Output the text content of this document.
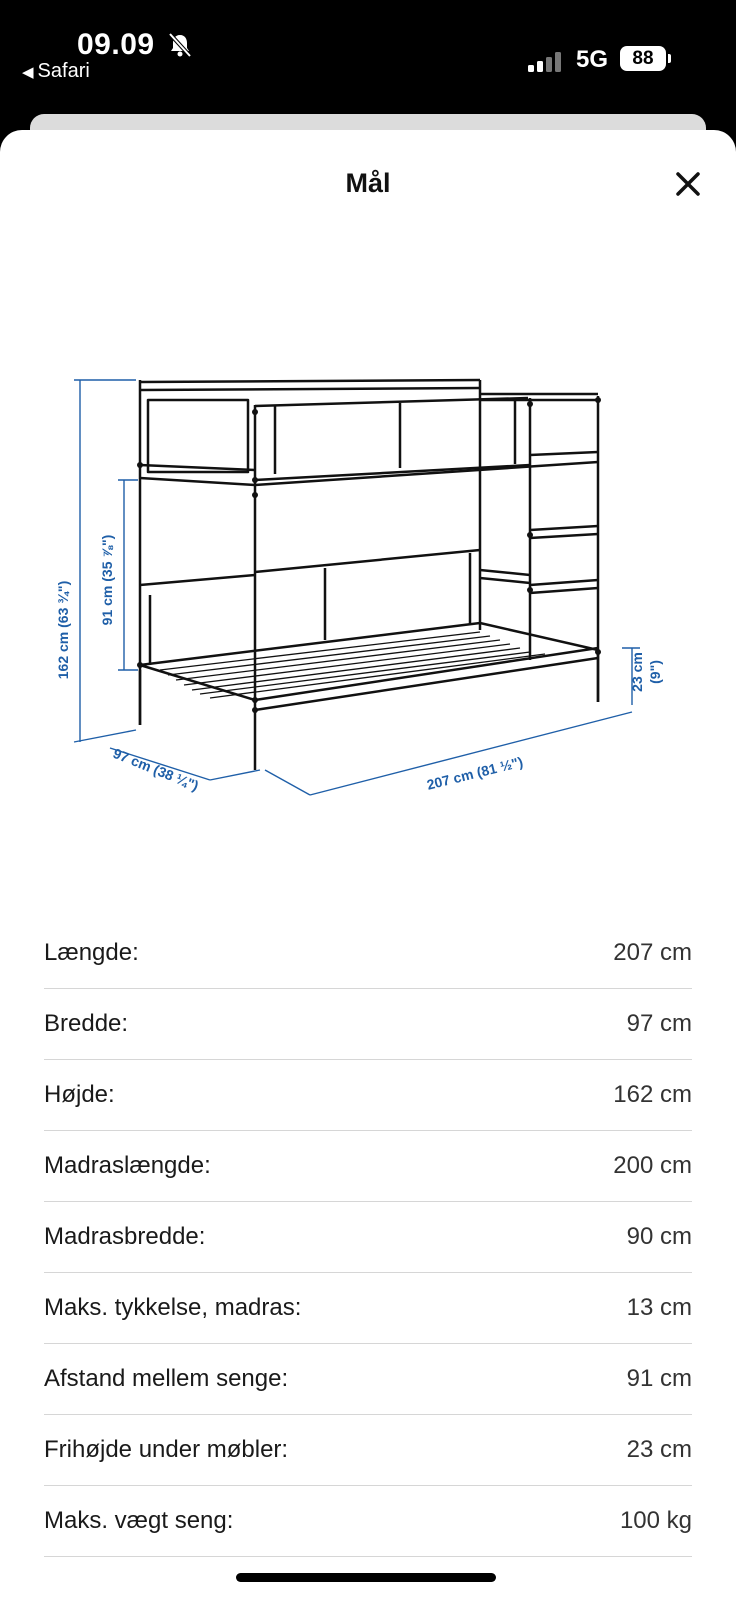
09.09
◀ Safari	5G	88
Mål
162 cm (63 ¾")
91 cm (35 ⅞")
97 cm (38 ¼")	207 cm (81 ½")
23 cm (9")
Længde:	207 cm
Bredde:	97 cm
Højde:	162 cm
Madraslængde:	200 cm
Madrasbredde:	90 cm
Maks. tykkelse, madras:	13 cm
Afstand mellem senge:	91 cm
Frihøjde under møbler:	23 cm
Maks. vægt seng:	100 kg
